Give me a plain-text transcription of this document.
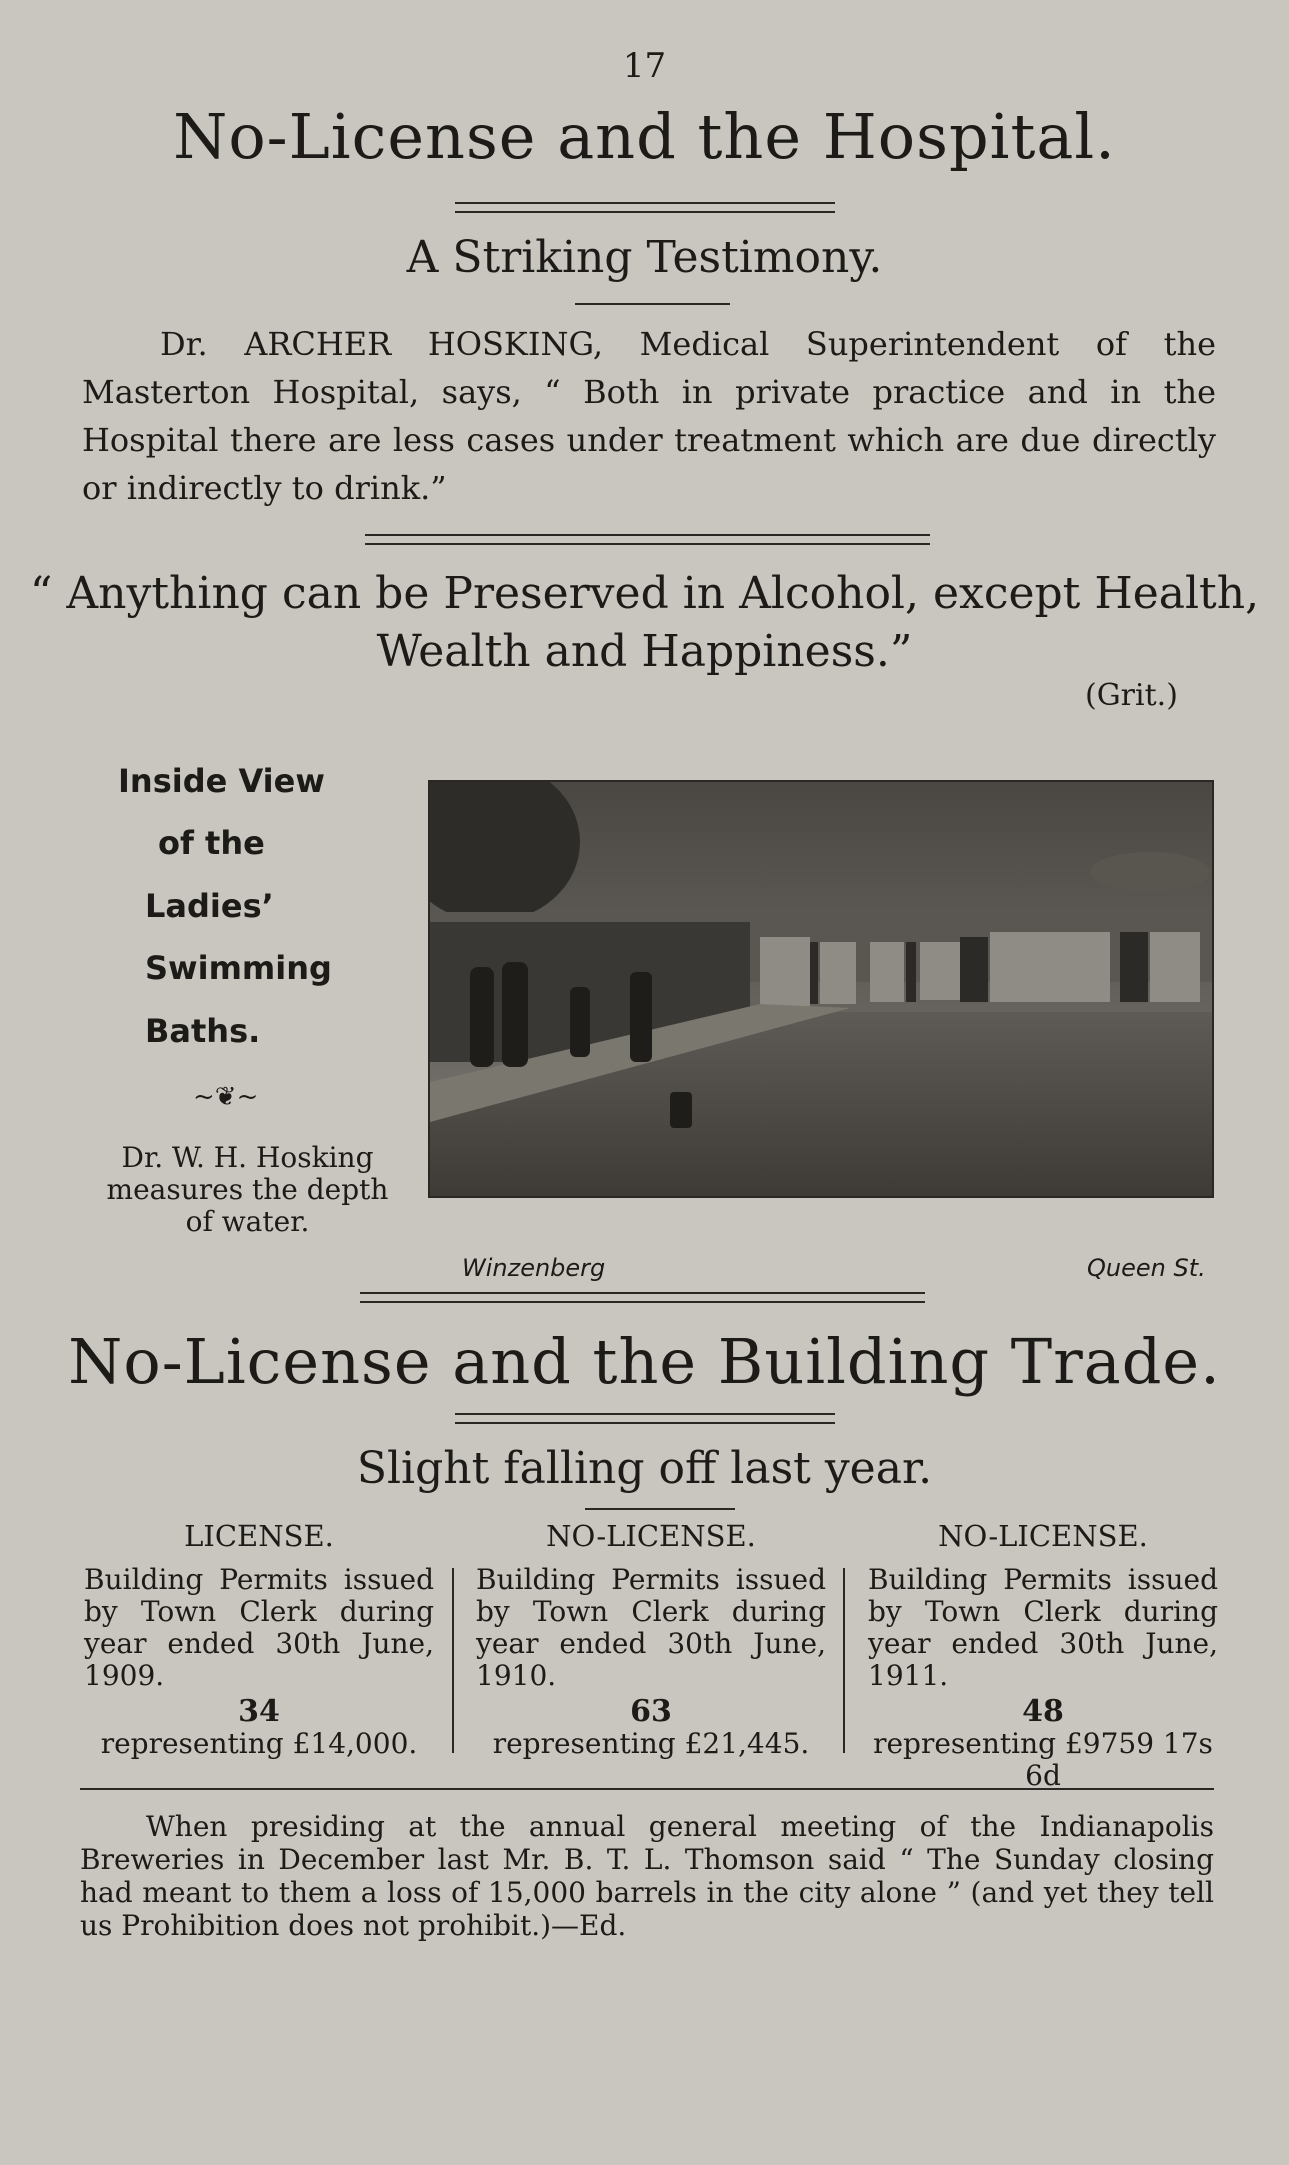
17
No-License and the Hospital.
A Striking Testimony.
Dr. ARCHER HOSKING, Medical Superintendent of the Masterton Hospital, says, “ Both in private practice and in the Hospital there are less cases under treatment which are due directly or indirectly to drink.”
“ Anything can be Preserved in Alcohol, except Health,
Wealth and Happiness.”
(Grit.)
Inside View
of the
Ladies’
Swimming
Baths.
~❦~
Dr. W. H. Hosking
measures the depth
of water.
Winzenberg	Queen St.
No-License and the Building Trade.
Slight falling off last year.
LICENSE.
Building Permits issued by Town Clerk during year ended 30th June, 1909.
34
representing £14,000.
NO-LICENSE.
Building Permits issued by Town Clerk during year ended 30th June, 1910.
63
representing £21,445.
NO-LICENSE.
Building Permits issued by Town Clerk during year ended 30th June, 1911.
48
representing £9759 17s 6d
When presiding at the annual general meeting of the Indianapolis Breweries in December last Mr. B. T. L. Thomson said “ The Sunday closing had meant to them a loss of 15,000 barrels in the city alone ” (and yet they tell us Prohibition does not prohibit.)—Ed.
